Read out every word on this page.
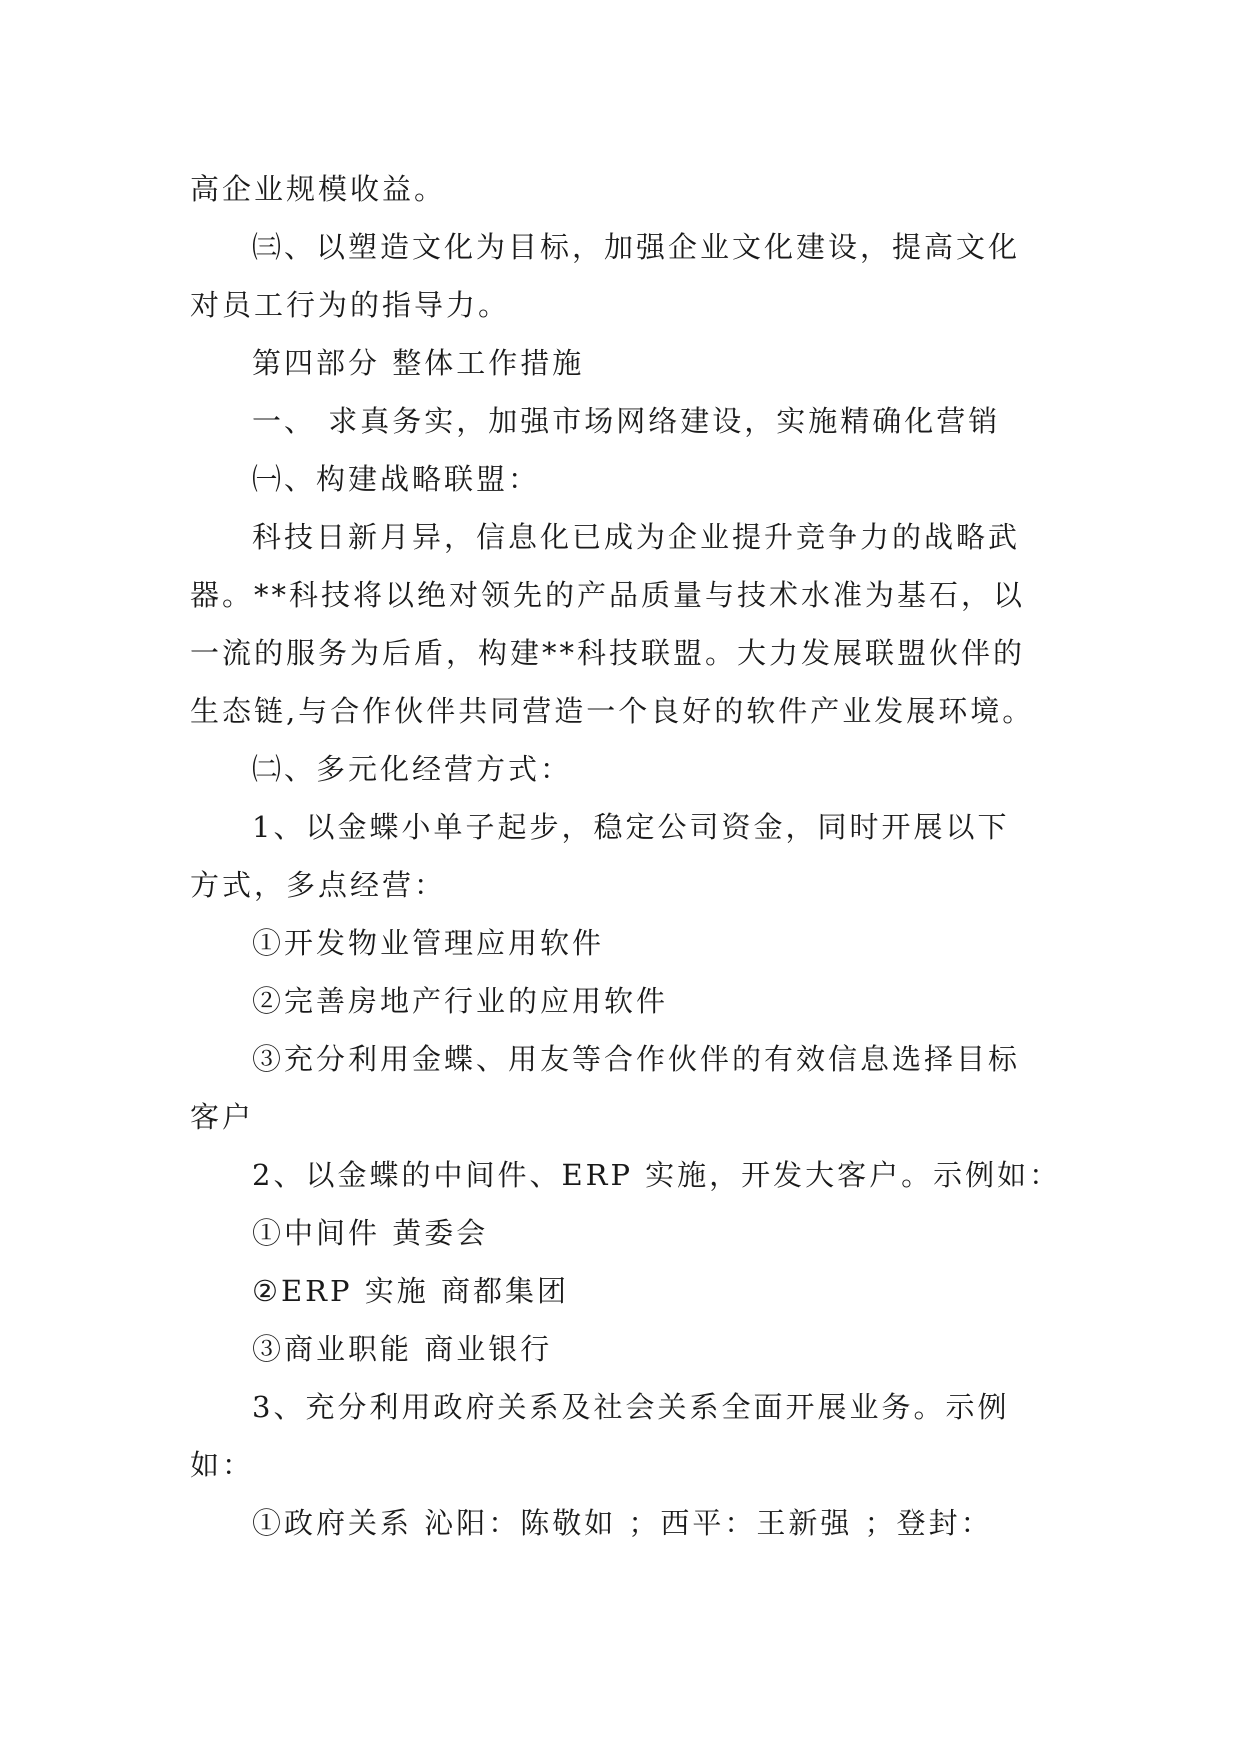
高企业规模收益。
㈢、以塑造文化为目标，加强企业文化建设，提高文化
对员工行为的指导力。
第四部分 整体工作措施
一、 求真务实，加强市场网络建设，实施精确化营销
㈠、构建战略联盟：
科技日新月异，信息化已成为企业提升竞争力的战略武
器。**科技将以绝对领先的产品质量与技术水准为基石，以
一流的服务为后盾，构建**科技联盟。大力发展联盟伙伴的
生态链,与合作伙伴共同营造一个良好的软件产业发展环境。
㈡、多元化经营方式：
1、以金蝶小单子起步，稳定公司资金，同时开展以下
方式，多点经营：
①开发物业管理应用软件
②完善房地产行业的应用软件
③充分利用金蝶、用友等合作伙伴的有效信息选择目标
客户
2、以金蝶的中间件、ERP 实施，开发大客户。示例如：
①中间件 黄委会
②ERP 实施 商都集团
③商业职能 商业银行
3、充分利用政府关系及社会关系全面开展业务。示例
如：
①政府关系 沁阳：陈敬如 ；西平：王新强 ；登封：
